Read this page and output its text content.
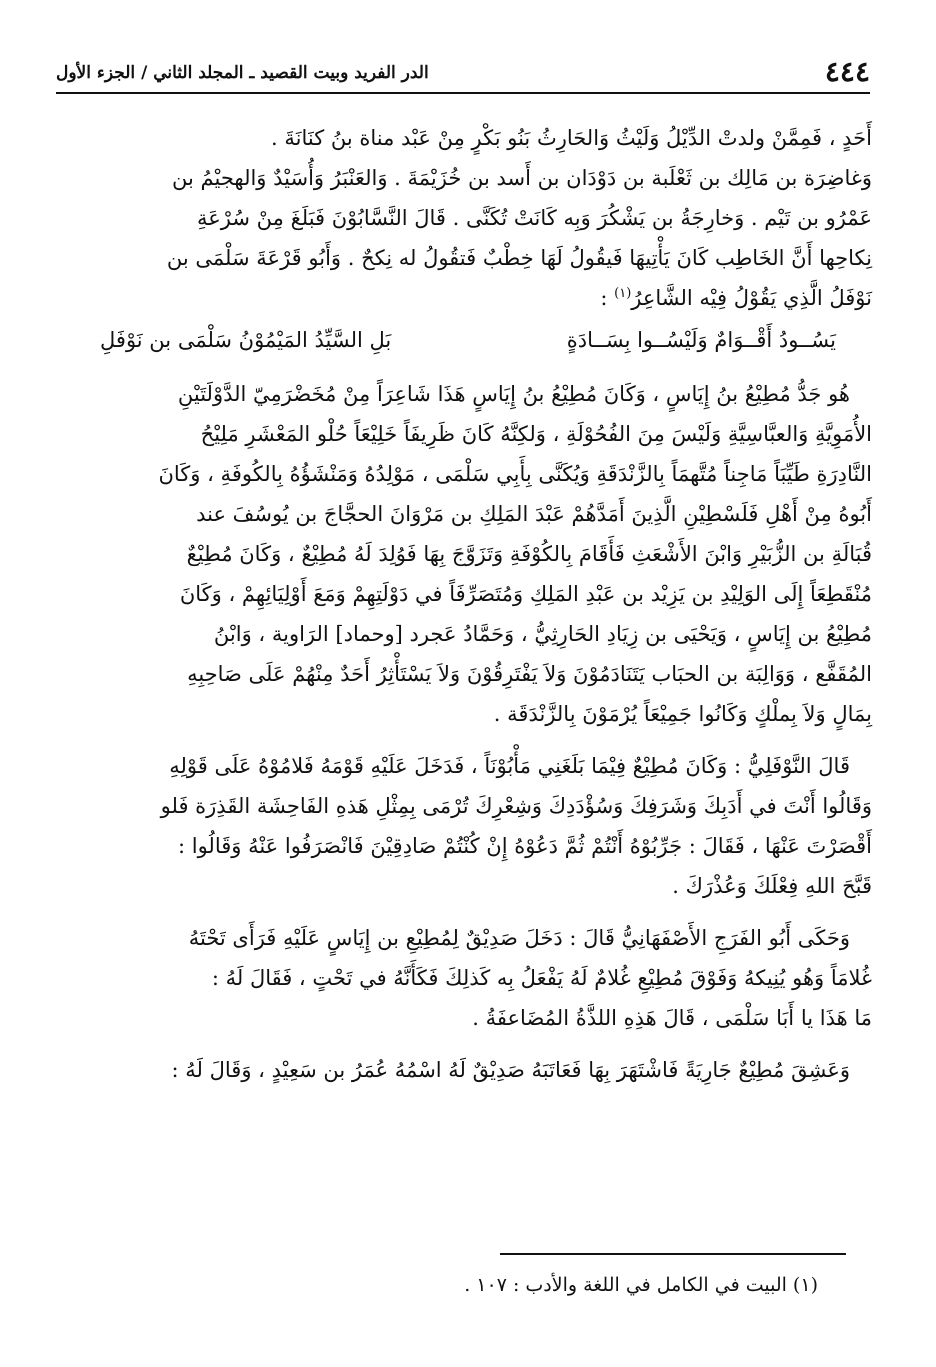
٤٤٤
الدر الفريد وبيت القصيد ـ المجلد الثاني / الجزء الأول

أَحَدٍ ، فَمِمَّنْ ولدتْ الدِّيْلُ وَلَيْثُ وَالحَارِثُ بَنُو بَكْرٍ مِنْ عَبْد مناة بنُ كنَانَةَ .
وَغاضِرَة بن مَالِك بن ثَعْلَبة بن دَوْدَان بن أَسد بن خُزَيْمَةَ . وَالعَنْبَرُ وَأُسَيْدٌ وَالهجيْمُ بن
عَمْرُو بن تَيْم . وَخارِجَةُ بن يَشْكُرَ وَبِه كَانَتْ تُكَنَّى . قَالَ النَّسَّابُوْنَ فَبَلَغَ مِنْ سُرْعَةِ
نِكاحِها أَنَّ الخَاطِب كَانَ يَأْتِيهَا فَيقُولُ لَهَا خِطْبٌ فَتقُولُ له نِكحٌ . وَأَبُو قَرْعَةَ سَلْمَى بن
نَوْفَلُ الَّذِي يَقُوْلُ فِيْه الشَّاعِرُ$^{(١)}$ :

يَسُــودُ أَقْــوَامٌ وَلَيْسُــوا بِسَــادَةٍ
بَلِ السَّيِّدُ المَيْمُوْنُ سَلْمَى بن نَوْفَلِ

هُو جَدُّ مُطِيْعُ بنُ إِيَاسٍ ، وَكَانَ مُطِيْعُ بنُ إِيَاسٍ هَذَا شَاعِرَاً مِنْ مُخَضْرَمِيّ الدَّوْلَتَيْنِ
الأُمَوِيَّةِ وَالعبَّاسِيَّةِ وَلَيْسَ مِنَ الفُحُوْلَةِ ، وَلكِنَّهُ كَانَ ظَرِيفَاً خَلِيْعَاً حُلْو المَعْشَرِ مَلِيْحُ
النَّادِرَةِ طَيِّبَاً مَاجِناً مُتَّهمَاً بِالزَّنْدَقَةِ وَيُكَنَّى بِأَبِي سَلْمَى ، مَوْلِدُهُ وَمَنْشَؤُهُ بِالكُوفَةِ ، وَكَانَ
أَبُوهُ مِنْ أَهْلِ فَلَسْطِيْنِ الَّذِينَ أَمَدَّهُمْ عَبْدَ المَلِكِ بن مَرْوَانَ الحجَّاجَ بن يُوسُفَ عند
قُبَالَةِ بن الزُّبَيْرِ وَابْنَ الأَشْعَثِ فَأَقَامَ بِالكُوْفَةِ وَتَزَوَّجَ بِهَا فَوُلِدَ لَهُ مُطِيْعٌ ، وَكَانَ مُطِيْعٌ
مُنْقَطِعَاً إِلَى الوَلِيْدِ بن يَزِيْد بن عَبْدِ المَلِكِ وَمُتَصَرِّفَاً في دَوْلَتِهِمْ وَمَعَ أَوْلِيَائِهِمْ ، وَكَانَ
مُطِيْعُ بن إِيَاسٍ ، وَيَحْيَى بن زِيَادِ الحَارِثِيُّ ، وَحَمَّادُ عَجرد [وحماد] الرَاوية ، وَابْنُ
المُقَفَّع ، وَوَالِبَة بن الحبَاب يَتَنَادَمُوْنَ وَلاَ يَفْتَرِقُوْنَ وَلاَ يَسْتَأْثِرُ أَحَدٌ مِنْهُمْ عَلَى صَاحِبِهِ
بِمَالٍ وَلاَ بِملْكٍ وَكَانُوا جَمِيْعَاً يُرْمَوْنَ بِالزَّنْدَقَة .

قَالَ النَّوْفَلِيُّ : وَكَانَ مُطِيْعٌ فِيْمَا بَلَغَنِي مَأْبُوْنَاً ، فَدَخَلَ عَلَيْهِ قَوْمَهُ فَلامُوْهُ عَلَى قَوْلِهِ
وَقَالُوا أَنْتَ في أَدَبِكَ وَشَرَفِكَ وَسُؤْدَدِكَ وَشِعْرِكَ تُرْمَى بِمِثْلِ هَذهِ الفَاحِشَة القَذِرَة فَلو
أَقْصَرْتَ عَنْهَا ، فَقَالَ : جَرِّبُوْهُ أَنْتُمْ ثُمَّ دَعُوْهُ إِنْ كُنْتُمْ صَادِقِيْنَ فَانْصَرَفُوا عَنْهُ وَقَالُوا :
قَبَّحَ اللهِ فِعْلَكَ وَعُذْرَكَ .

وَحَكَى أَبُو الفَرَجِ الأَصْفَهَانِيُّ قَالَ : دَخَلَ صَدِيْقٌ لِمُطِيْعِ بن إِيَاسٍ عَلَيْهِ فَرَأَى تَحْتَهُ
غُلامَاً وَهُو يُنِيكهُ وَفَوْقَ مُطِيْعِ غُلامٌ لَهُ يَفْعَلُ بِه كَذلِكَ فَكَأَنَّهُ في تَحْتٍ ، فَقَالَ لَهُ :
مَا هَذَا يا أَبَا سَلْمَى ، قَالَ هَذِهِ اللذَّةُ المُضَاعفَةُ .

وَعَشِقَ مُطِيْعٌ جَارِيَةً فَاشْتَهَرَ بِهَا فَعَاتَبَهُ صَدِيْقٌ لَهُ اسْمُهُ عُمَرُ بن سَعِيْدٍ ، وَقَالَ لَهُ :

(١) البيت في الكامل في اللغة والأدب : ١٠٧ .
